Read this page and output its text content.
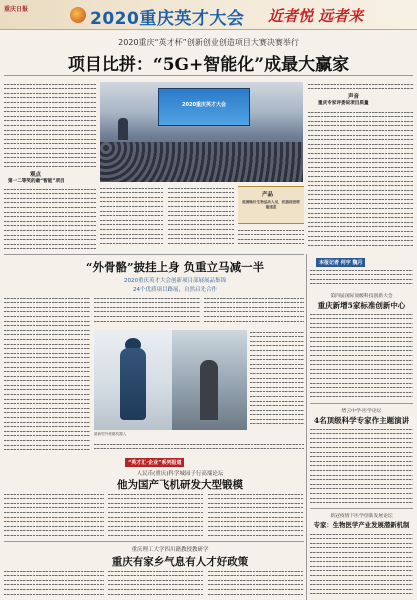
重庆日报	2020重庆英才大会 近者悦 远者来
2020重庆“英才杯”创新创业创造项目大赛决赛举行
项目比拼：“5G+智能化”成最大赢家
观点
第一二等奖的最“智能”项目
2020重庆英才大会
声音
重庆专家评委说项目质量
产品
能测轴针生物运动人员，机器视觉增量速度
“外骨骼”披挂上身 负重立马减一半
2020重庆英才大会创新项目部展展品集锦
24个优质项目路展，自然启先合作
最新型外骨骼机器人
“英才汇·企业”系列报道
人民币(重庆)科学城园子行高端论坛
他为国产飞机研发大型锻模
重庆理工大学四川籍教授教研学
重庆有家乡气息有人才好政策
本报记者 何宇 魏月
第四届国际顶级科技创新大会
重庆新增5家标准创新中心
缙云中学·医学论坛
4名顶级科学专家作主题演讲
新冠疫情下医学创新发展论坛
专家：生物医学产业发展潜新机制
